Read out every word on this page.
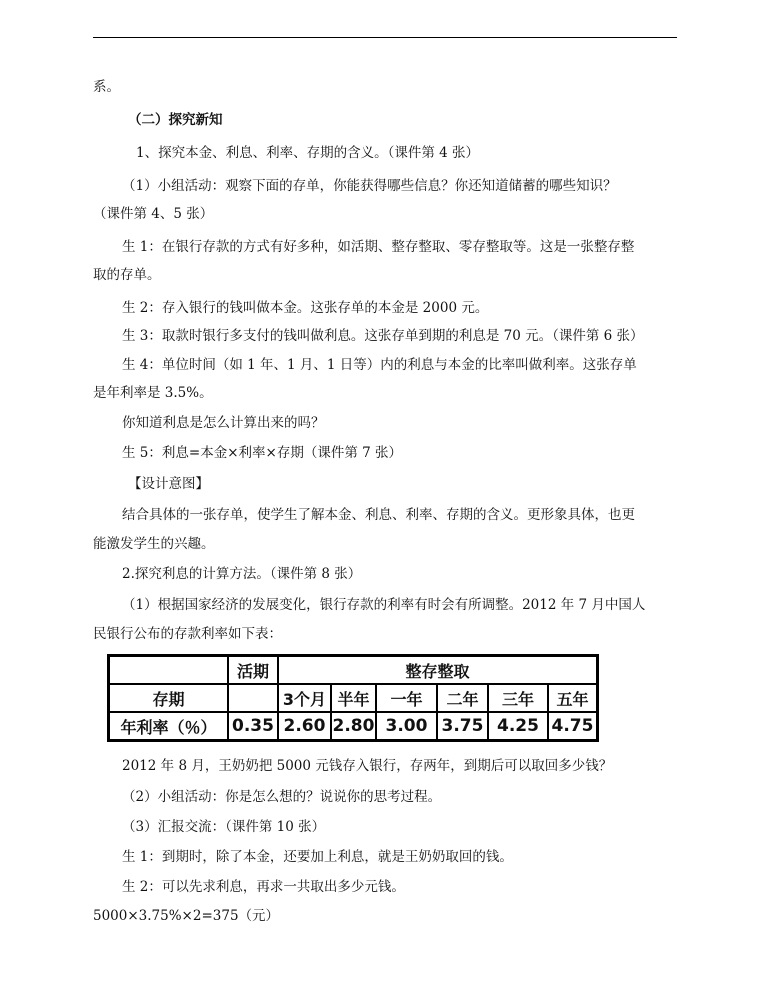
系。
（二）探究新知
1、探究本金、利息、利率、存期的含义。（课件第 4 张）
（1）小组活动：观察下面的存单，你能获得哪些信息？你还知道储蓄的哪些知识？
（课件第 4、5 张）
生 1：在银行存款的方式有好多种，如活期、整存整取、零存整取等。这是一张整存整
取的存单。
生 2：存入银行的钱叫做本金。这张存单的本金是 2000 元。
生 3：取款时银行多支付的钱叫做利息。这张存单到期的利息是 70 元。（课件第 6 张）
生 4：单位时间（如 1 年、1 月、1 日等）内的利息与本金的比率叫做利率。这张存单
是年利率是 3.5%。
你知道利息是怎么计算出来的吗？
生 5：利息=本金×利率×存期（课件第 7 张）
【设计意图】
结合具体的一张存单，使学生了解本金、利息、利率、存期的含义。更形象具体，也更
能激发学生的兴趣。
2.探究利息的计算方法。（课件第 8 张）
（1）根据国家经济的发展变化，银行存款的利率有时会有所调整。2012 年 7 月中国人
民银行公布的存款利率如下表：
	活期	整存整取					
存期		3个月	半年	一年	二年	三年	五年
年利率（％）	0.35	2.60	2.80	3.00	3.75	4.25	4.75
2012 年 8 月，王奶奶把 5000 元钱存入银行，存两年，到期后可以取回多少钱？
（2）小组活动：你是怎么想的？说说你的思考过程。
（3）汇报交流：（课件第 10 张）
生 1：到期时，除了本金，还要加上利息，就是王奶奶取回的钱。
生 2：可以先求利息，再求一共取出多少元钱。
5000×3.75%×2=375（元）
